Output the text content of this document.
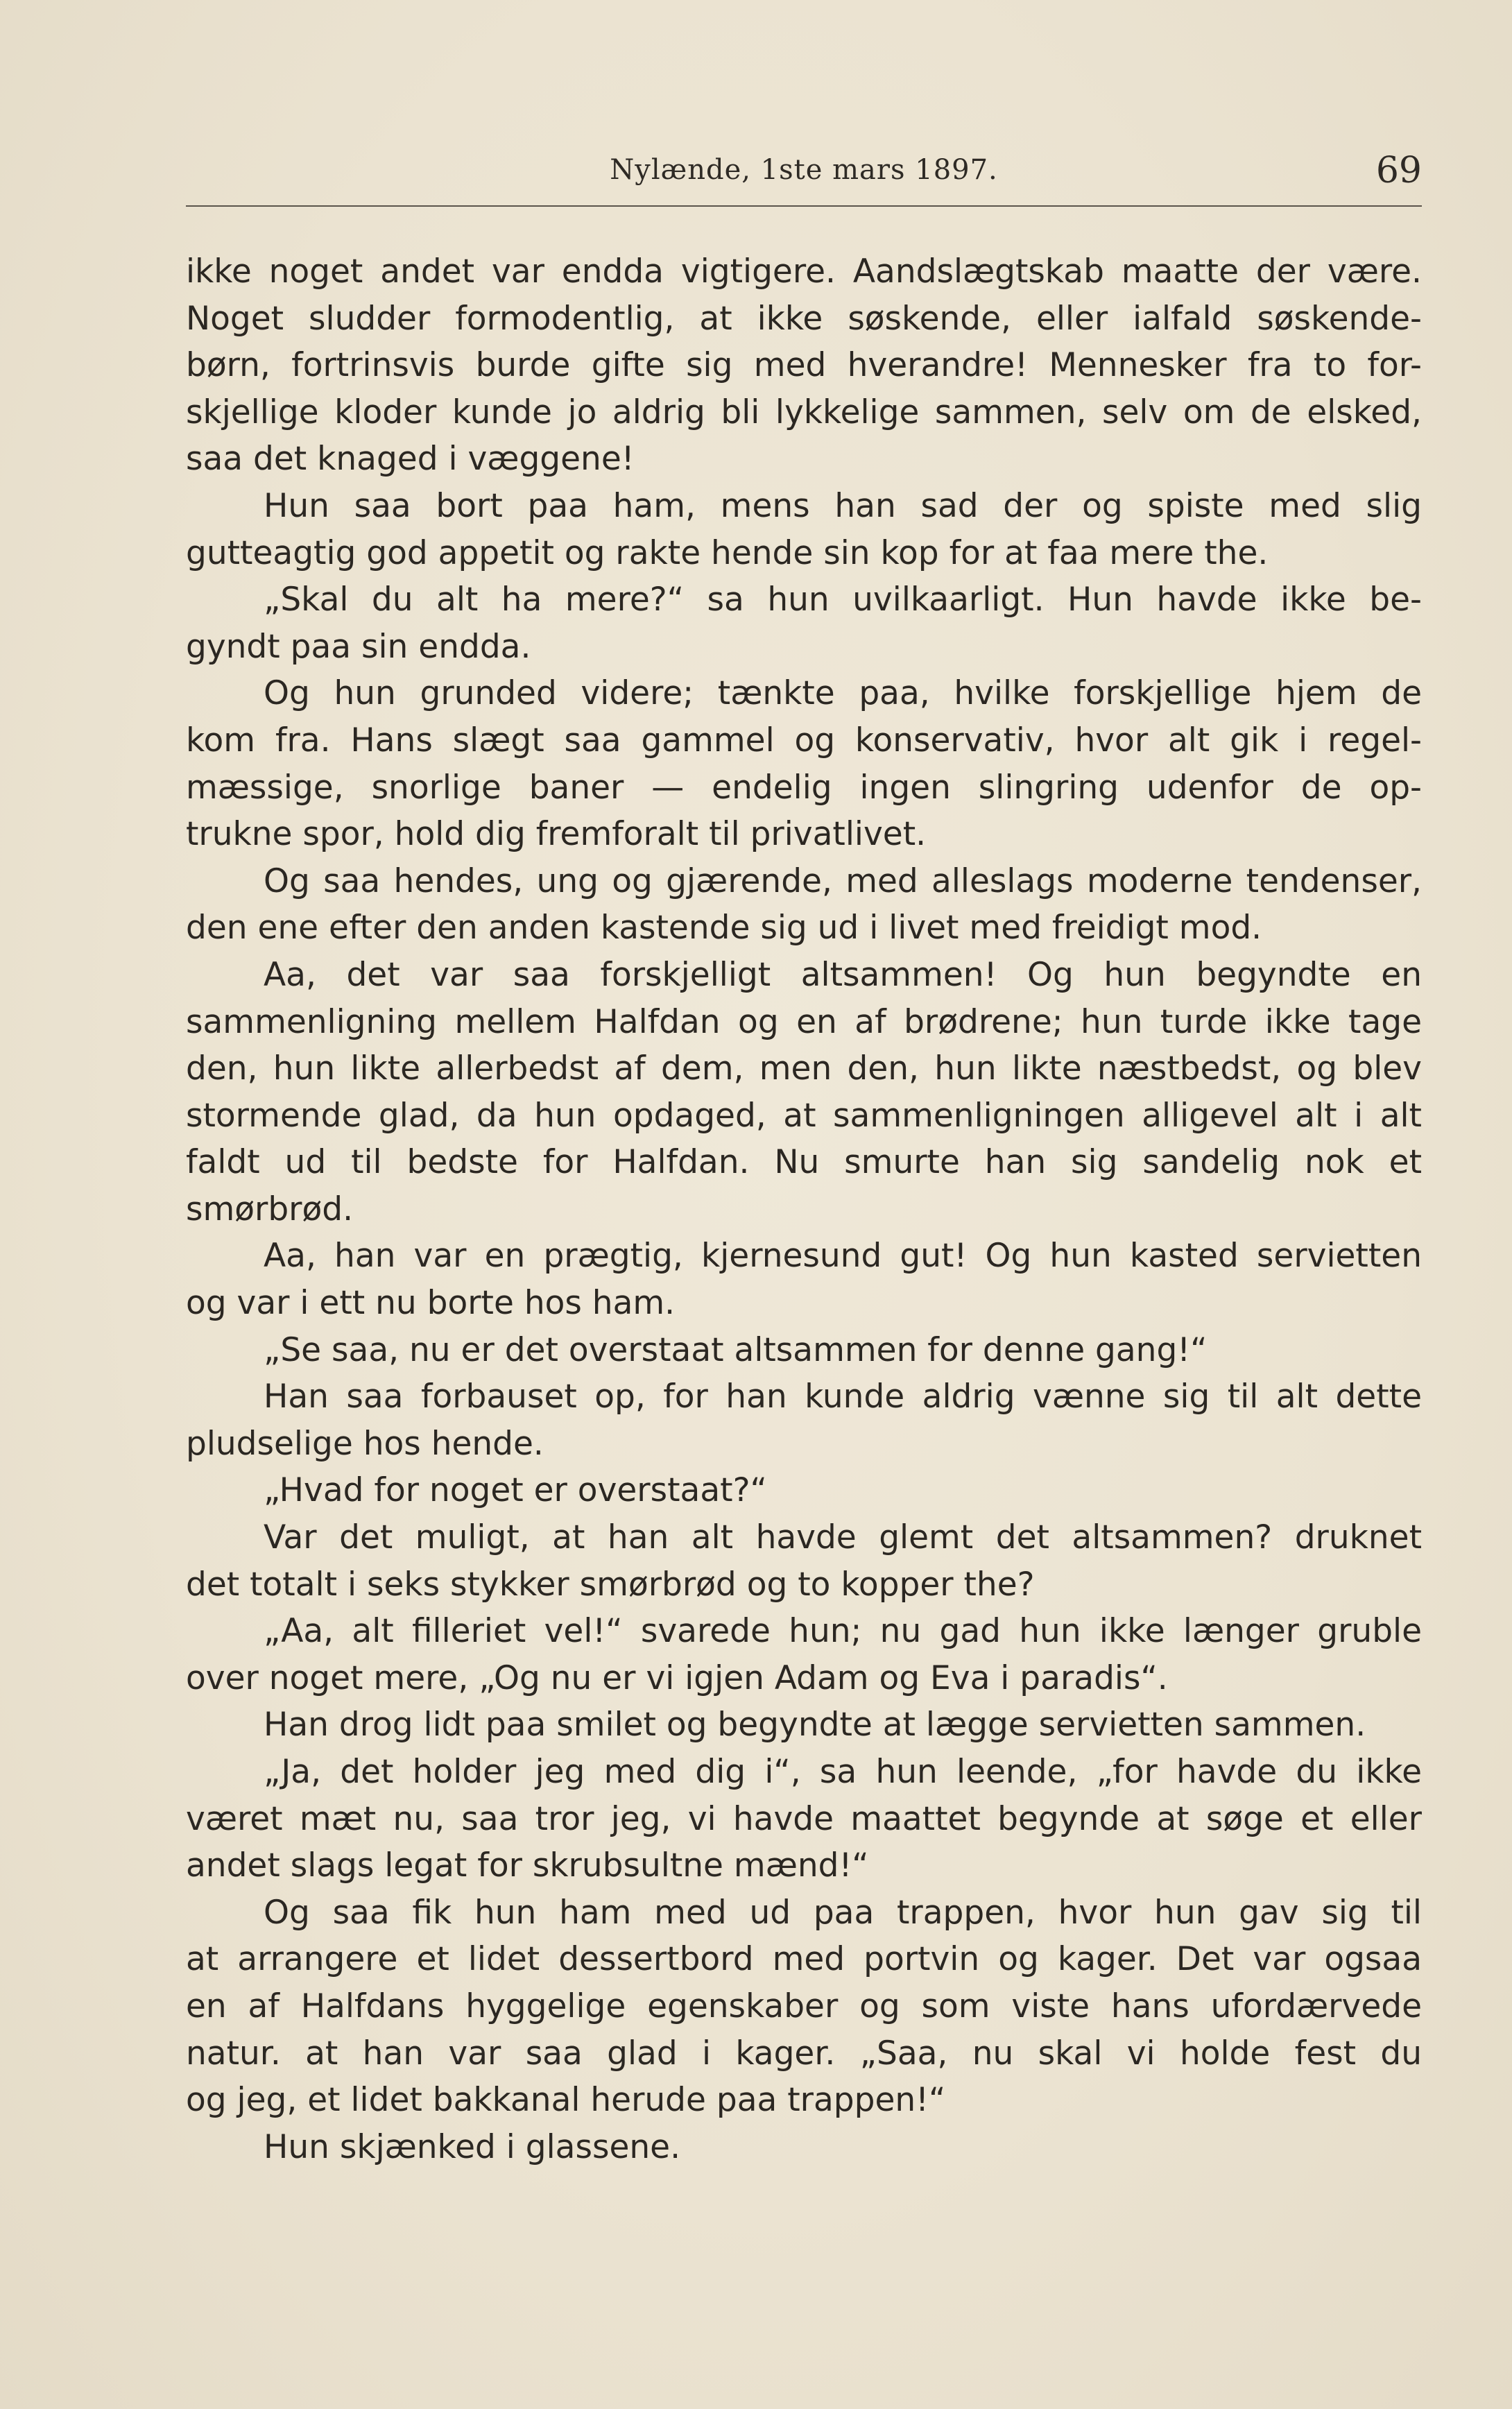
Nylænde, 1ste mars 1897.	69
ikke noget andet var endda vigtigere. Aandslægtskab maatte der være.
Noget sludder formodentlig, at ikke søskende, eller ialfald søskende-
børn, fortrinsvis burde gifte sig med hverandre! Mennesker fra to for-
skjellige kloder kunde jo aldrig bli lykkelige sammen, selv om de elsked,
saa det knaged i væggene!
Hun saa bort paa ham, mens han sad der og spiste med slig
gutteagtig god appetit og rakte hende sin kop for at faa mere the.
„Skal du alt ha mere?“ sa hun uvilkaarligt. Hun havde ikke be-
gyndt paa sin endda.
Og hun grunded videre; tænkte paa, hvilke forskjellige hjem de
kom fra. Hans slægt saa gammel og konservativ, hvor alt gik i regel-
mæssige, snorlige baner — endelig ingen slingring udenfor de op-
trukne spor, hold dig fremforalt til privatlivet.
Og saa hendes, ung og gjærende, med alleslags moderne tendenser,
den ene efter den anden kastende sig ud i livet med freidigt mod.
Aa, det var saa forskjelligt altsammen! Og hun begyndte en
sammenligning mellem Halfdan og en af brødrene; hun turde ikke tage
den, hun likte allerbedst af dem, men den, hun likte næstbedst, og blev
stormende glad, da hun opdaged, at sammenligningen alligevel alt i alt
faldt ud til bedste for Halfdan. Nu smurte han sig sandelig nok et
smørbrød.
Aa, han var en prægtig, kjernesund gut! Og hun kasted servietten
og var i ett nu borte hos ham.
„Se saa, nu er det overstaat altsammen for denne gang!“
Han saa forbauset op, for han kunde aldrig vænne sig til alt dette
pludselige hos hende.
„Hvad for noget er overstaat?“
Var det muligt, at han alt havde glemt det altsammen? druknet
det totalt i seks stykker smørbrød og to kopper the?
„Aa, alt filleriet vel!“ svarede hun; nu gad hun ikke længer gruble
over noget mere, „Og nu er vi igjen Adam og Eva i paradis“.
Han drog lidt paa smilet og begyndte at lægge servietten sammen.
„Ja, det holder jeg med dig i“, sa hun leende, „for havde du ikke
været mæt nu, saa tror jeg, vi havde maattet begynde at søge et eller
andet slags legat for skrubsultne mænd!“
Og saa fik hun ham med ud paa trappen, hvor hun gav sig til
at arrangere et lidet dessertbord med portvin og kager. Det var ogsaa
en af Halfdans hyggelige egenskaber og som viste hans ufordærvede
natur. at han var saa glad i kager. „Saa, nu skal vi holde fest du
og jeg, et lidet bakkanal herude paa trappen!“
Hun skjænked i glassene.
